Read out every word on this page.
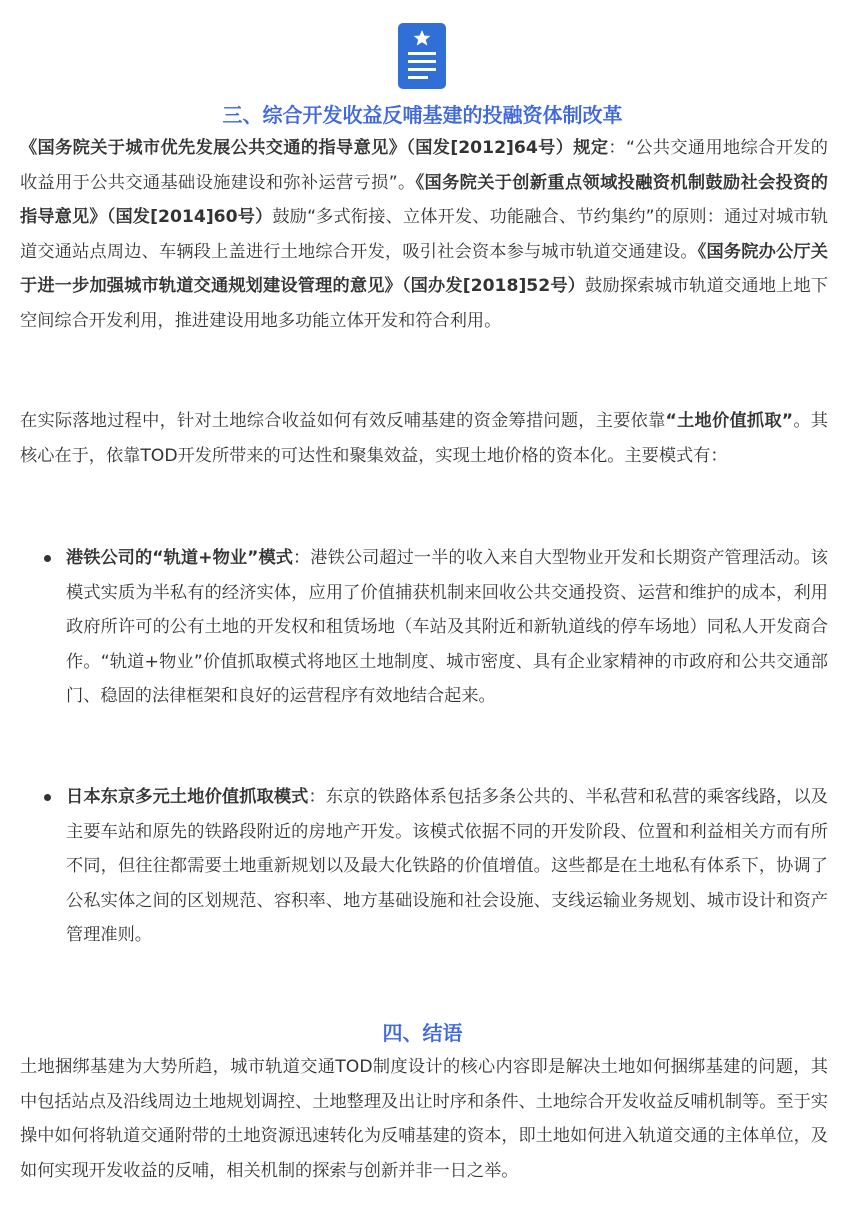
三、综合开发收益反哺基建的投融资体制改革

《国务院关于城市优先发展公共交通的指导意见》（国发[2012]64号）规定：“公共交通用地综合开发的收益用于公共交通基础设施建设和弥补运营亏损”。《国务院关于创新重点领域投融资机制鼓励社会投资的指导意见》（国发[2014]60号）鼓励“多式衔接、立体开发、功能融合、节约集约”的原则：通过对城市轨道交通站点周边、车辆段上盖进行土地综合开发，吸引社会资本参与城市轨道交通建设。《国务院办公厅关于进一步加强城市轨道交通规划建设管理的意见》（国办发[2018]52号）鼓励探索城市轨道交通地上地下空间综合开发利用，推进建设用地多功能立体开发和符合利用。

在实际落地过程中，针对土地综合收益如何有效反哺基建的资金筹措问题，主要依靠“土地价值抓取”。其核心在于，依靠TOD开发所带来的可达性和聚集效益，实现土地价格的资本化。主要模式有：

港铁公司的“轨道+物业”模式：港铁公司超过一半的收入来自大型物业开发和长期资产管理活动。该模式实质为半私有的经济实体，应用了价值捕获机制来回收公共交通投资、运营和维护的成本，利用政府所许可的公有土地的开发权和租赁场地（车站及其附近和新轨道线的停车场地）同私人开发商合作。“轨道+物业”价值抓取模式将地区土地制度、城市密度、具有企业家精神的市政府和公共交通部门、稳固的法律框架和良好的运营程序有效地结合起来。
日本东京多元土地价值抓取模式：东京的铁路体系包括多条公共的、半私营和私营的乘客线路，以及主要车站和原先的铁路段附近的房地产开发。该模式依据不同的开发阶段、位置和利益相关方而有所不同，但往往都需要土地重新规划以及最大化铁路的价值增值。这些都是在土地私有体系下，协调了公私实体之间的区划规范、容积率、地方基础设施和社会设施、支线运输业务规划、城市设计和资产管理准则。
四、结语

土地捆绑基建为大势所趋，城市轨道交通TOD制度设计的核心内容即是解决土地如何捆绑基建的问题，其中包括站点及沿线周边土地规划调控、土地整理及出让时序和条件、土地综合开发收益反哺机制等。至于实操中如何将轨道交通附带的土地资源迅速转化为反哺基建的资本，即土地如何进入轨道交通的主体单位，及如何实现开发收益的反哺，相关机制的探索与创新并非一日之举。
